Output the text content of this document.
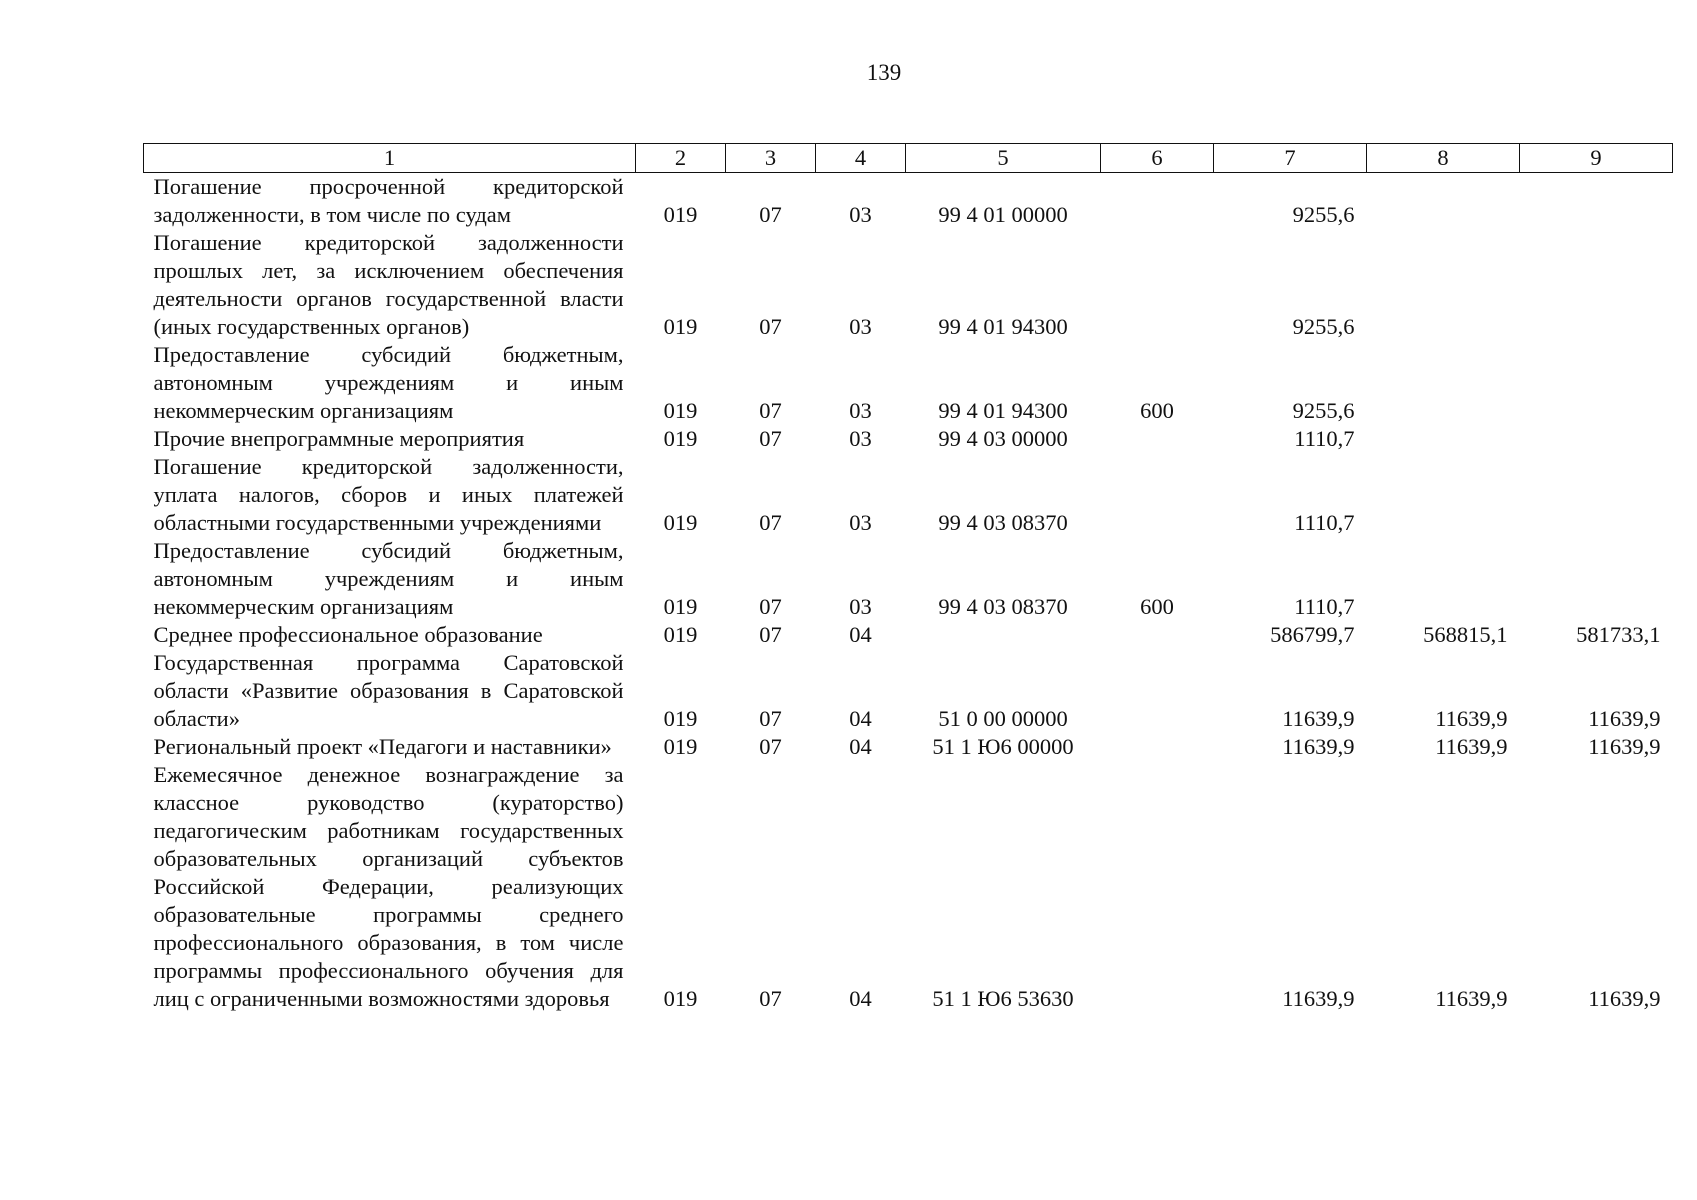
139
1	2	3	4	5	6	7	8	9
Погашение просроченной кредиторской задолженности, в том числе по судам	019	07	03	99 4 01 00000		9255,6		
Погашение кредиторской задолженности прошлых лет, за исключением обеспечения деятельности органов государственной власти (иных государственных органов)	019	07	03	99 4 01 94300		9255,6		
Предоставление субсидий бюджетным, автономным учреждениям и иным некоммерческим организациям	019	07	03	99 4 01 94300	600	9255,6		
Прочие внепрограммные мероприятия	019	07	03	99 4 03 00000		1110,7		
Погашение кредиторской задолженности, уплата налогов, сборов и иных платежей областными государственными учреждениями	019	07	03	99 4 03 08370		1110,7		
Предоставление субсидий бюджетным, автономным учреждениям и иным некоммерческим организациям	019	07	03	99 4 03 08370	600	1110,7		
Среднее профессиональное образование	019	07	04			586799,7	568815,1	581733,1
Государственная программа Саратовской области «Развитие образования в Саратовской области»	019	07	04	51 0 00 00000		11639,9	11639,9	11639,9
Региональный проект «Педагоги и наставники»	019	07	04	51 1 Ю6 00000		11639,9	11639,9	11639,9
Ежемесячное денежное вознаграждение за классное руководство (кураторство) педагогическим работникам государственных образовательных организаций субъектов Российской Федерации, реализующих образовательные программы среднего профессионального образования, в том числе программы профессионального обучения для лиц с ограниченными возможностями здоровья	019	07	04	51 1 Ю6 53630		11639,9	11639,9	11639,9
